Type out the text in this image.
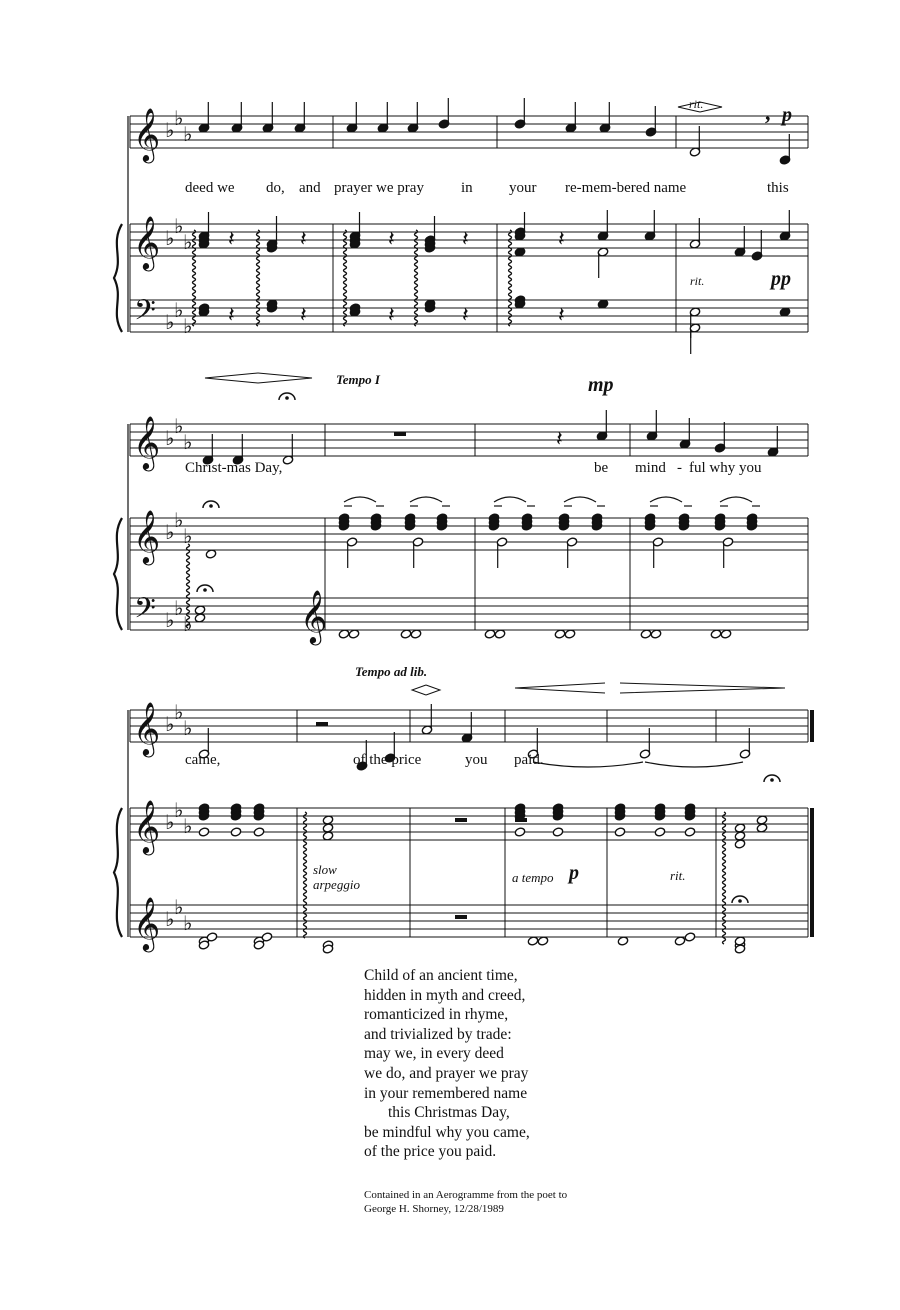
𝄞
𝄞
𝄢
♭ ♭
♭
♭ ♭
♭
♭ ♭
♭
𝄞
𝄞
𝄢
♭ ♭
♭
♭ ♭
♭
♭ ♭
♭
𝄞
𝄞
𝄞
♭ ♭
♭
♭ ♭
♭
♭ ♭
♭
𝄽	𝄽	𝄽	𝄽	𝄽
𝄽	𝄽	𝄽	𝄽	𝄽
𝄽
𝄞
deed we do, and prayer we pray in your re-mem-bered name	this
rit.	, p
rit.	pp
Christ-mas Day,	be mind - ful why you
Tempo I	mp
came,	of the price	you paid.
Tempo ad lib.
slow
arpeggio	a tempo p	rit.
Child of an ancient time,
hidden in myth and creed,
romanticized in rhyme,
and trivialized by trade:
may we, in every deed
we do, and prayer we pray
in your remembered name
this Christmas Day,
be mindful why you came,
of the price you paid.
Contained in an Aerogramme from the poet to
George H. Shorney, 12/28/1989
